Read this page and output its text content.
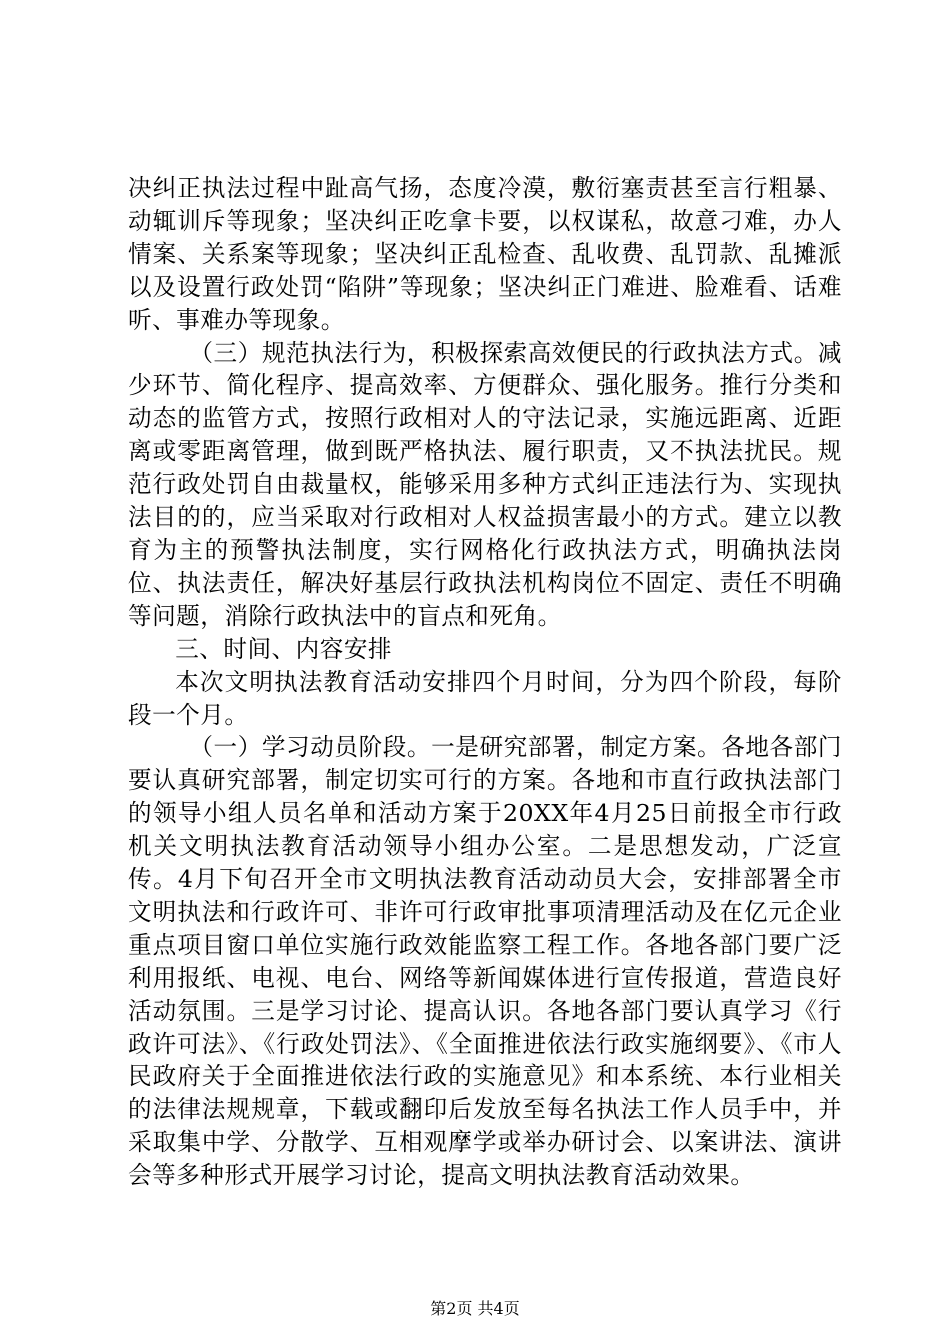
决纠正执法过程中趾高气扬，态度冷漠，敷衍塞责甚至言行粗暴、动辄训斥等现象；坚决纠正吃拿卡要，以权谋私，故意刁难，办人情案、关系案等现象；坚决纠正乱检查、乱收费、乱罚款、乱摊派以及设置行政处罚“陷阱”等现象；坚决纠正门难进、脸难看、话难听、事难办等现象。

（三）规范执法行为，积极探索高效便民的行政执法方式。减少环节、简化程序、提高效率、方便群众、强化服务。推行分类和动态的监管方式，按照行政相对人的守法记录，实施远距离、近距离或零距离管理，做到既严格执法、履行职责，又不执法扰民。规范行政处罚自由裁量权，能够采用多种方式纠正违法行为、实现执法目的的，应当采取对行政相对人权益损害最小的方式。建立以教育为主的预警执法制度，实行网格化行政执法方式，明确执法岗位、执法责任，解决好基层行政执法机构岗位不固定、责任不明确等问题，消除行政执法中的盲点和死角。

三、时间、内容安排

本次文明执法教育活动安排四个月时间，分为四个阶段，每阶段一个月。

（一）学习动员阶段。一是研究部署，制定方案。各地各部门要认真研究部署，制定切实可行的方案。各地和市直行政执法部门的领导小组人员名单和活动方案于20XX年4月25日前报全市行政机关文明执法教育活动领导小组办公室。二是思想发动，广泛宣传。4月下旬召开全市文明执法教育活动动员大会，安排部署全市文明执法和行政许可、非许可行政审批事项清理活动及在亿元企业重点项目窗口单位实施行政效能监察工程工作。各地各部门要广泛利用报纸、电视、电台、网络等新闻媒体进行宣传报道，营造良好活动氛围。三是学习讨论、提高认识。各地各部门要认真学习《行政许可法》、《行政处罚法》、《全面推进依法行政实施纲要》、《市人民政府关于全面推进依法行政的实施意见》和本系统、本行业相关的法律法规规章，下载或翻印后发放至每名执法工作人员手中，并采取集中学、分散学、互相观摩学或举办研讨会、以案讲法、演讲会等多种形式开展学习讨论，提高文明执法教育活动效果。

第2页 共4页
